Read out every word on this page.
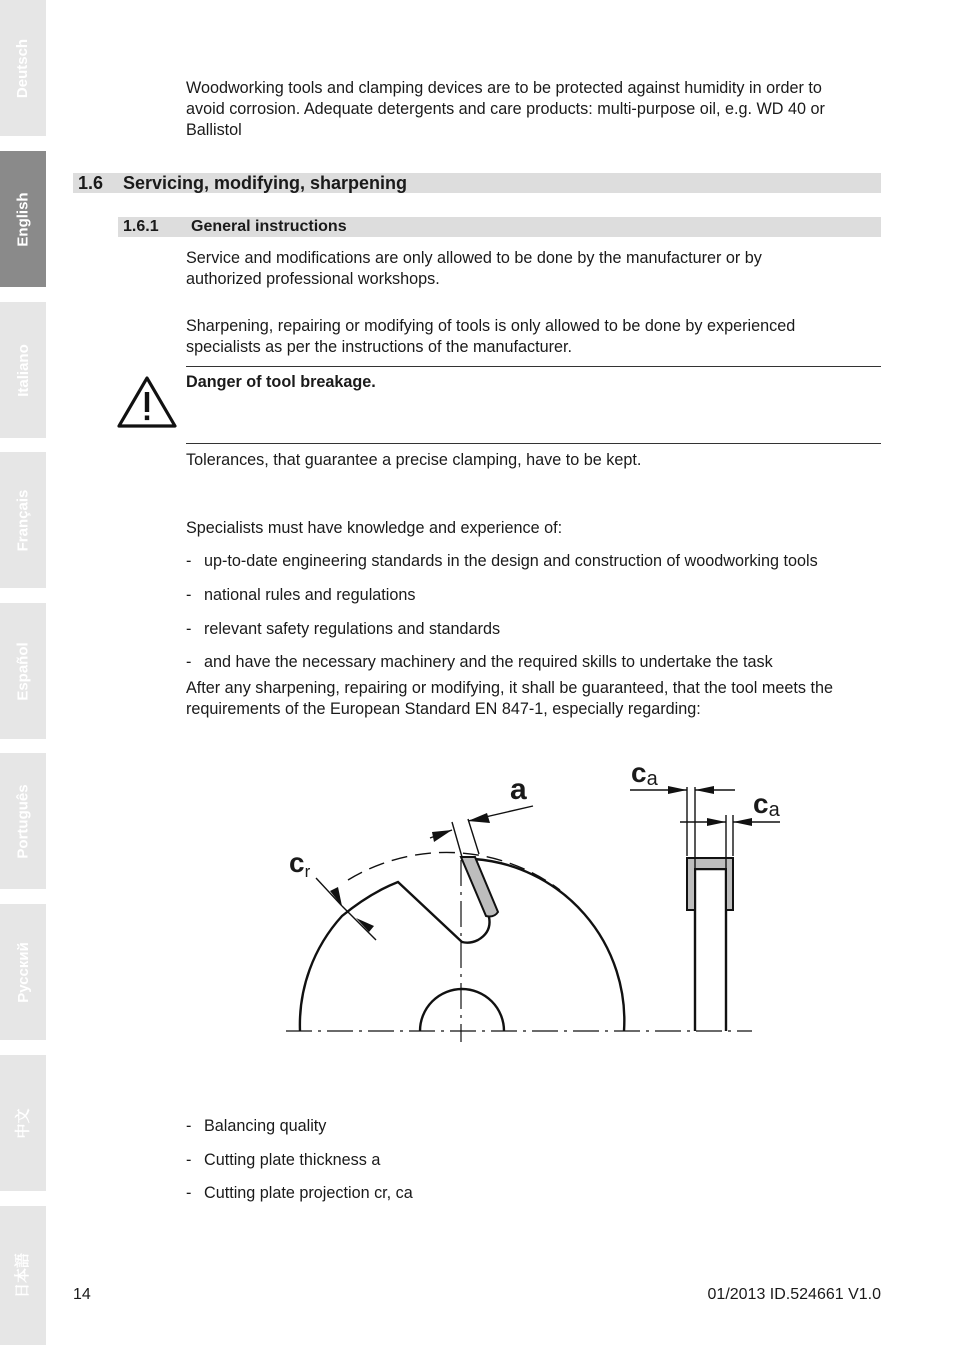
Deutsch
English
Italiano
Français
Español
Português
Русский
中文
日本語
Woodworking tools and clamping devices are to be protected against humidity in order to
avoid corrosion. Adequate detergents and care products: multi-purpose oil, e.g. WD 40 or
Ballistol
1.6 Servicing, modifying, sharpening
1.6.1 General instructions
Service and modifications are only allowed to be done by the manufacturer or by
authorized professional workshops.
Sharpening, repairing or modifying of tools is only allowed to be done by experienced
specialists as per the instructions of the manufacturer.
Danger of tool breakage.
Tolerances, that guarantee a precise clamping, have to be kept.
Specialists must have knowledge and experience of:
- up-to-date engineering standards in the design and construction of woodworking tools
- national rules and regulations
- relevant safety regulations and standards
- and have the necessary machinery and the required skills to undertake the task
After any sharpening, repairing or modifying, it shall be guaranteed, that the tool meets the
requirements of the European Standard EN 847-1, especially regarding:
a
cr
ca
ca
- Balancing quality
- Cutting plate thickness a
- Cutting plate projection cr, ca
14	01/2013 ID.524661 V1.0
